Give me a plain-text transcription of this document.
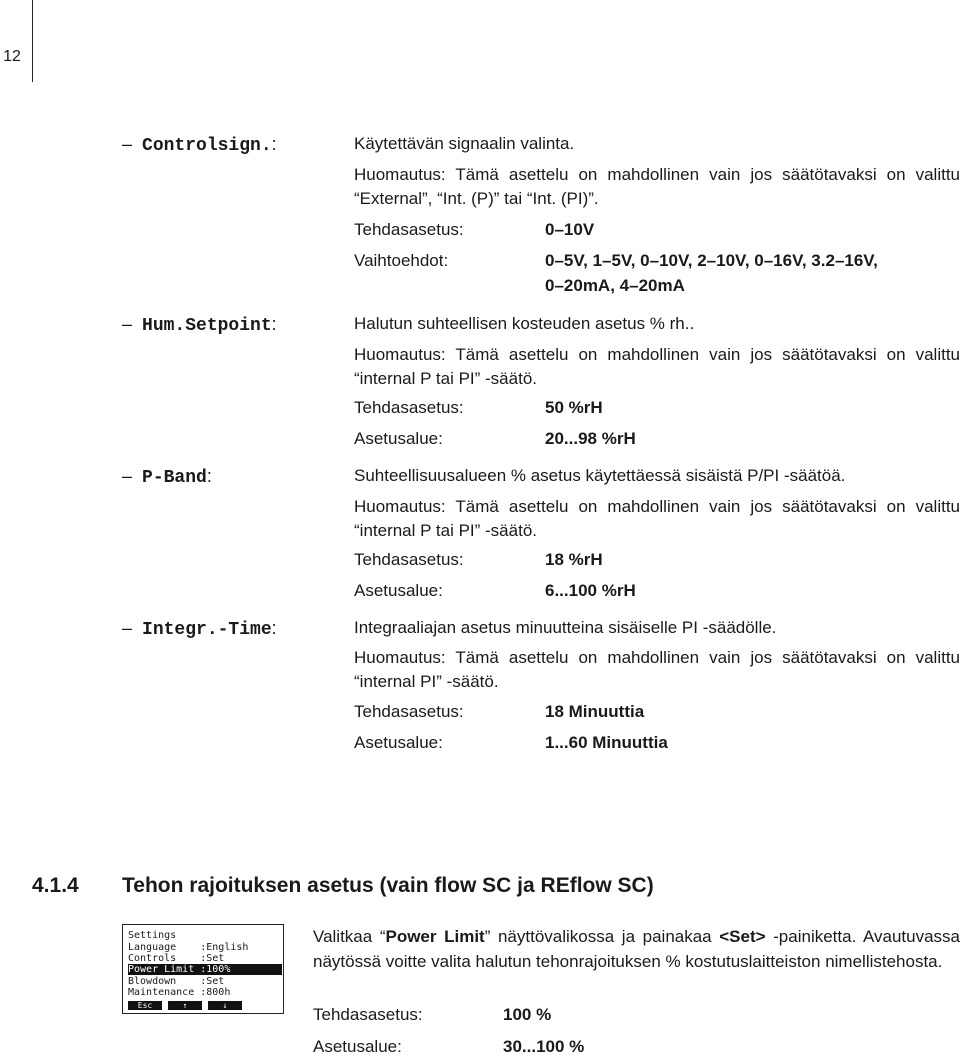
12
– Controlsign.:	Käytettävän signaalin valinta.
Huomautus: Tämä asettelu on mahdollinen vain jos säätötavaksi on valittu “External”, “Int. (P)” tai “Int. (PI)”.
Tehdasasetus:	0–10V
Vaihtoehdot:	0–5V, 1–5V, 0–10V, 2–10V, 0–16V, 3.2–16V,
0–20mA, 4–20mA
– Hum.Setpoint:	Halutun suhteellisen kosteuden asetus % rh..
Huomautus: Tämä asettelu on mahdollinen vain jos säätötavaksi on valittu “internal P tai PI” -säätö.
Tehdasasetus:	50 %rH
Asetusalue:	20...98 %rH
– P-Band:	Suhteellisuusalueen % asetus käytettäessä sisäistä P/PI -säätöä.
Huomautus: Tämä asettelu on mahdollinen vain jos säätötavaksi on valittu “internal P tai PI” -säätö.
Tehdasasetus:	18 %rH
Asetusalue:	6...100 %rH
– Integr.-Time:	Integraaliajan asetus minuutteina sisäiselle PI -säädölle.
Huomautus: Tämä asettelu on mahdollinen vain jos säätötavaksi on valittu “internal PI” -säätö.
Tehdasasetus:	18 Minuuttia
Asetusalue:	1...60 Minuuttia
4.1.4 Tehon rajoituksen asetus (vain flow SC ja REflow SC)
Settings
Language    :English
Controls    :Set
Power Limit :100%
Blowdown    :Set
Maintenance :800h
Esc	↑	↓
Valitkaa “Power Limit” näyttövalikossa ja painakaa <Set> -painiketta. Avautuvassa näytössä voitte valita halutun tehonrajoituksen % kostutuslaitteiston nimellistehosta.
Tehdasasetus:	100 %
Asetusalue:	30...100 %
